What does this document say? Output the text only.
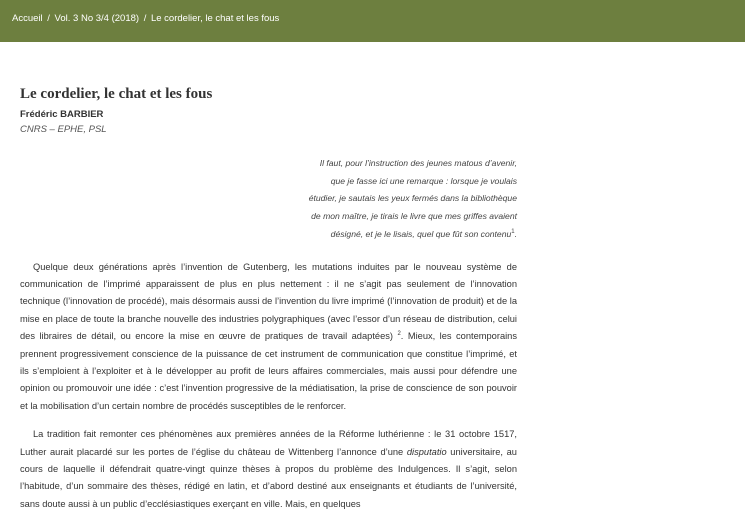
Accueil / Vol. 3 No 3/4 (2018) / Le cordelier, le chat et les fous
Le cordelier, le chat et les fous
Frédéric BARBIER
CNRS – EPHE, PSL
Il faut, pour l’instruction des jeunes matous d’avenir,
que je fasse ici une remarque : lorsque je voulais
étudier, je sautais les yeux fermés dans la bibliothèque
de mon maître, je tirais le livre que mes griffes avaient
désigné, et je le lisais, quel que fût son contenu$^1$.

Quelque deux générations après l’invention de Gutenberg, les mutations induites par le nouveau système de communication de l’imprimé apparaissent de plus en plus nettement : il ne s’agit pas seulement de l’innovation technique (l’innovation de procédé), mais désormais aussi de l’invention du livre imprimé (l’innovation de produit) et de la mise en place de toute la branche nouvelle des industries polygraphiques (avec l’essor d’un réseau de distribution, celui des libraires de détail, ou encore la mise en œuvre de pratiques de travail adaptées) $^2$. Mieux, les contemporains prennent progressivement conscience de la puissance de cet instrument de communication que constitue l’imprimé, et ils s’emploient à l’exploiter et à le développer au profit de leurs affaires commerciales, mais aussi pour défendre une opinion ou promouvoir une idée : c’est l’invention progressive de la médiatisation, la prise de conscience de son pouvoir et la mobilisation d’un certain nombre de procédés susceptibles de le renforcer.

La tradition fait remonter ces phénomènes aux premières années de la Réforme luthérienne : le 31 octobre 1517, Luther aurait placardé sur les portes de l’église du château de Wittenberg l’annonce d’une disputatio universitaire, au cours de laquelle il défendrait quatre-vingt quinze thèses à propos du problème des Indulgences. Il s’agit, selon l’habitude, d’un sommaire des thèses, rédigé en latin, et d’abord destiné aux enseignants et étudiants de l’université, sans doute aussi à un public d’ecclésiastiques exerçant en ville. Mais, en quelques
